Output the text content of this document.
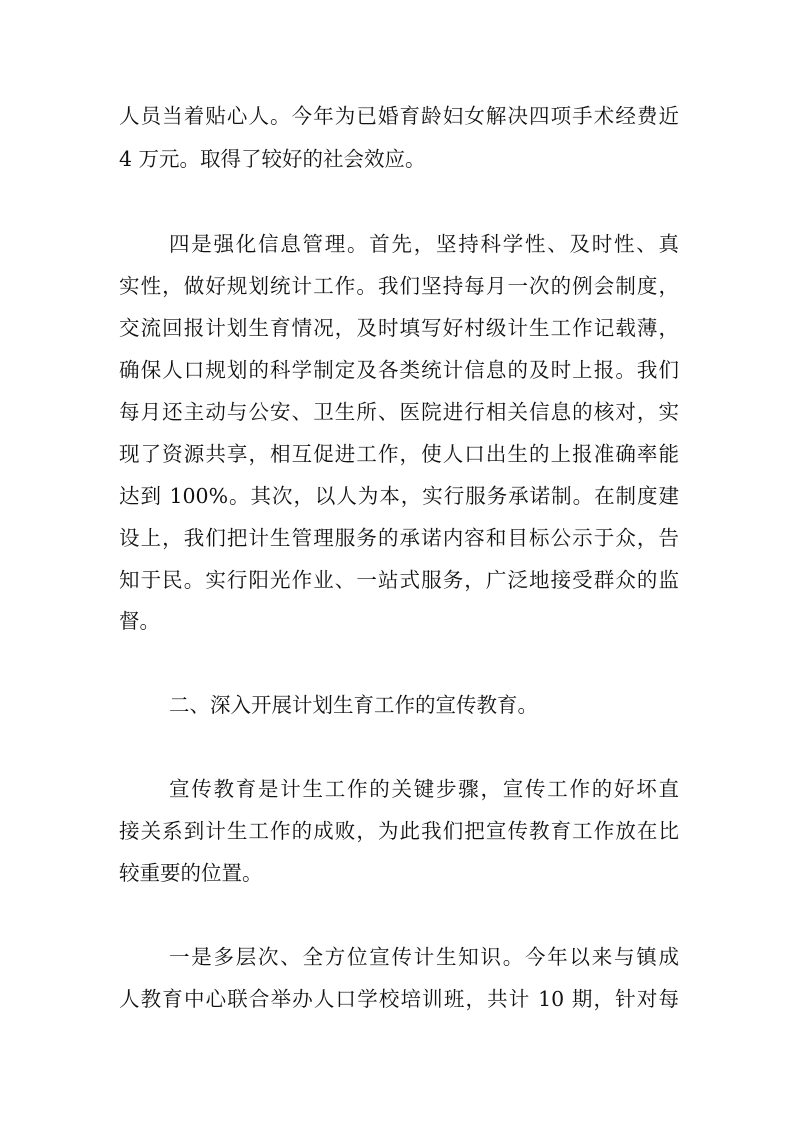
人员当着贴心人。今年为已婚育龄妇女解决四项手术经费近
4 万元。取得了较好的社会效应。
四是强化信息管理。首先，坚持科学性、及时性、真
实性，做好规划统计工作。我们坚持每月一次的例会制度，
交流回报计划生育情况，及时填写好村级计生工作记载薄，
确保人口规划的科学制定及各类统计信息的及时上报。我们
每月还主动与公安、卫生所、医院进行相关信息的核对，实
现了资源共享，相互促进工作，使人口出生的上报准确率能
达到 100%。其次，以人为本，实行服务承诺制。在制度建
设上，我们把计生管理服务的承诺内容和目标公示于众，告
知于民。实行阳光作业、一站式服务，广泛地接受群众的监
督。
二、深入开展计划生育工作的宣传教育。
宣传教育是计生工作的关键步骤，宣传工作的好坏直
接关系到计生工作的成败，为此我们把宣传教育工作放在比
较重要的位置。
一是多层次、全方位宣传计生知识。今年以来与镇成
人教育中心联合举办人口学校培训班，共计 10 期，针对每
